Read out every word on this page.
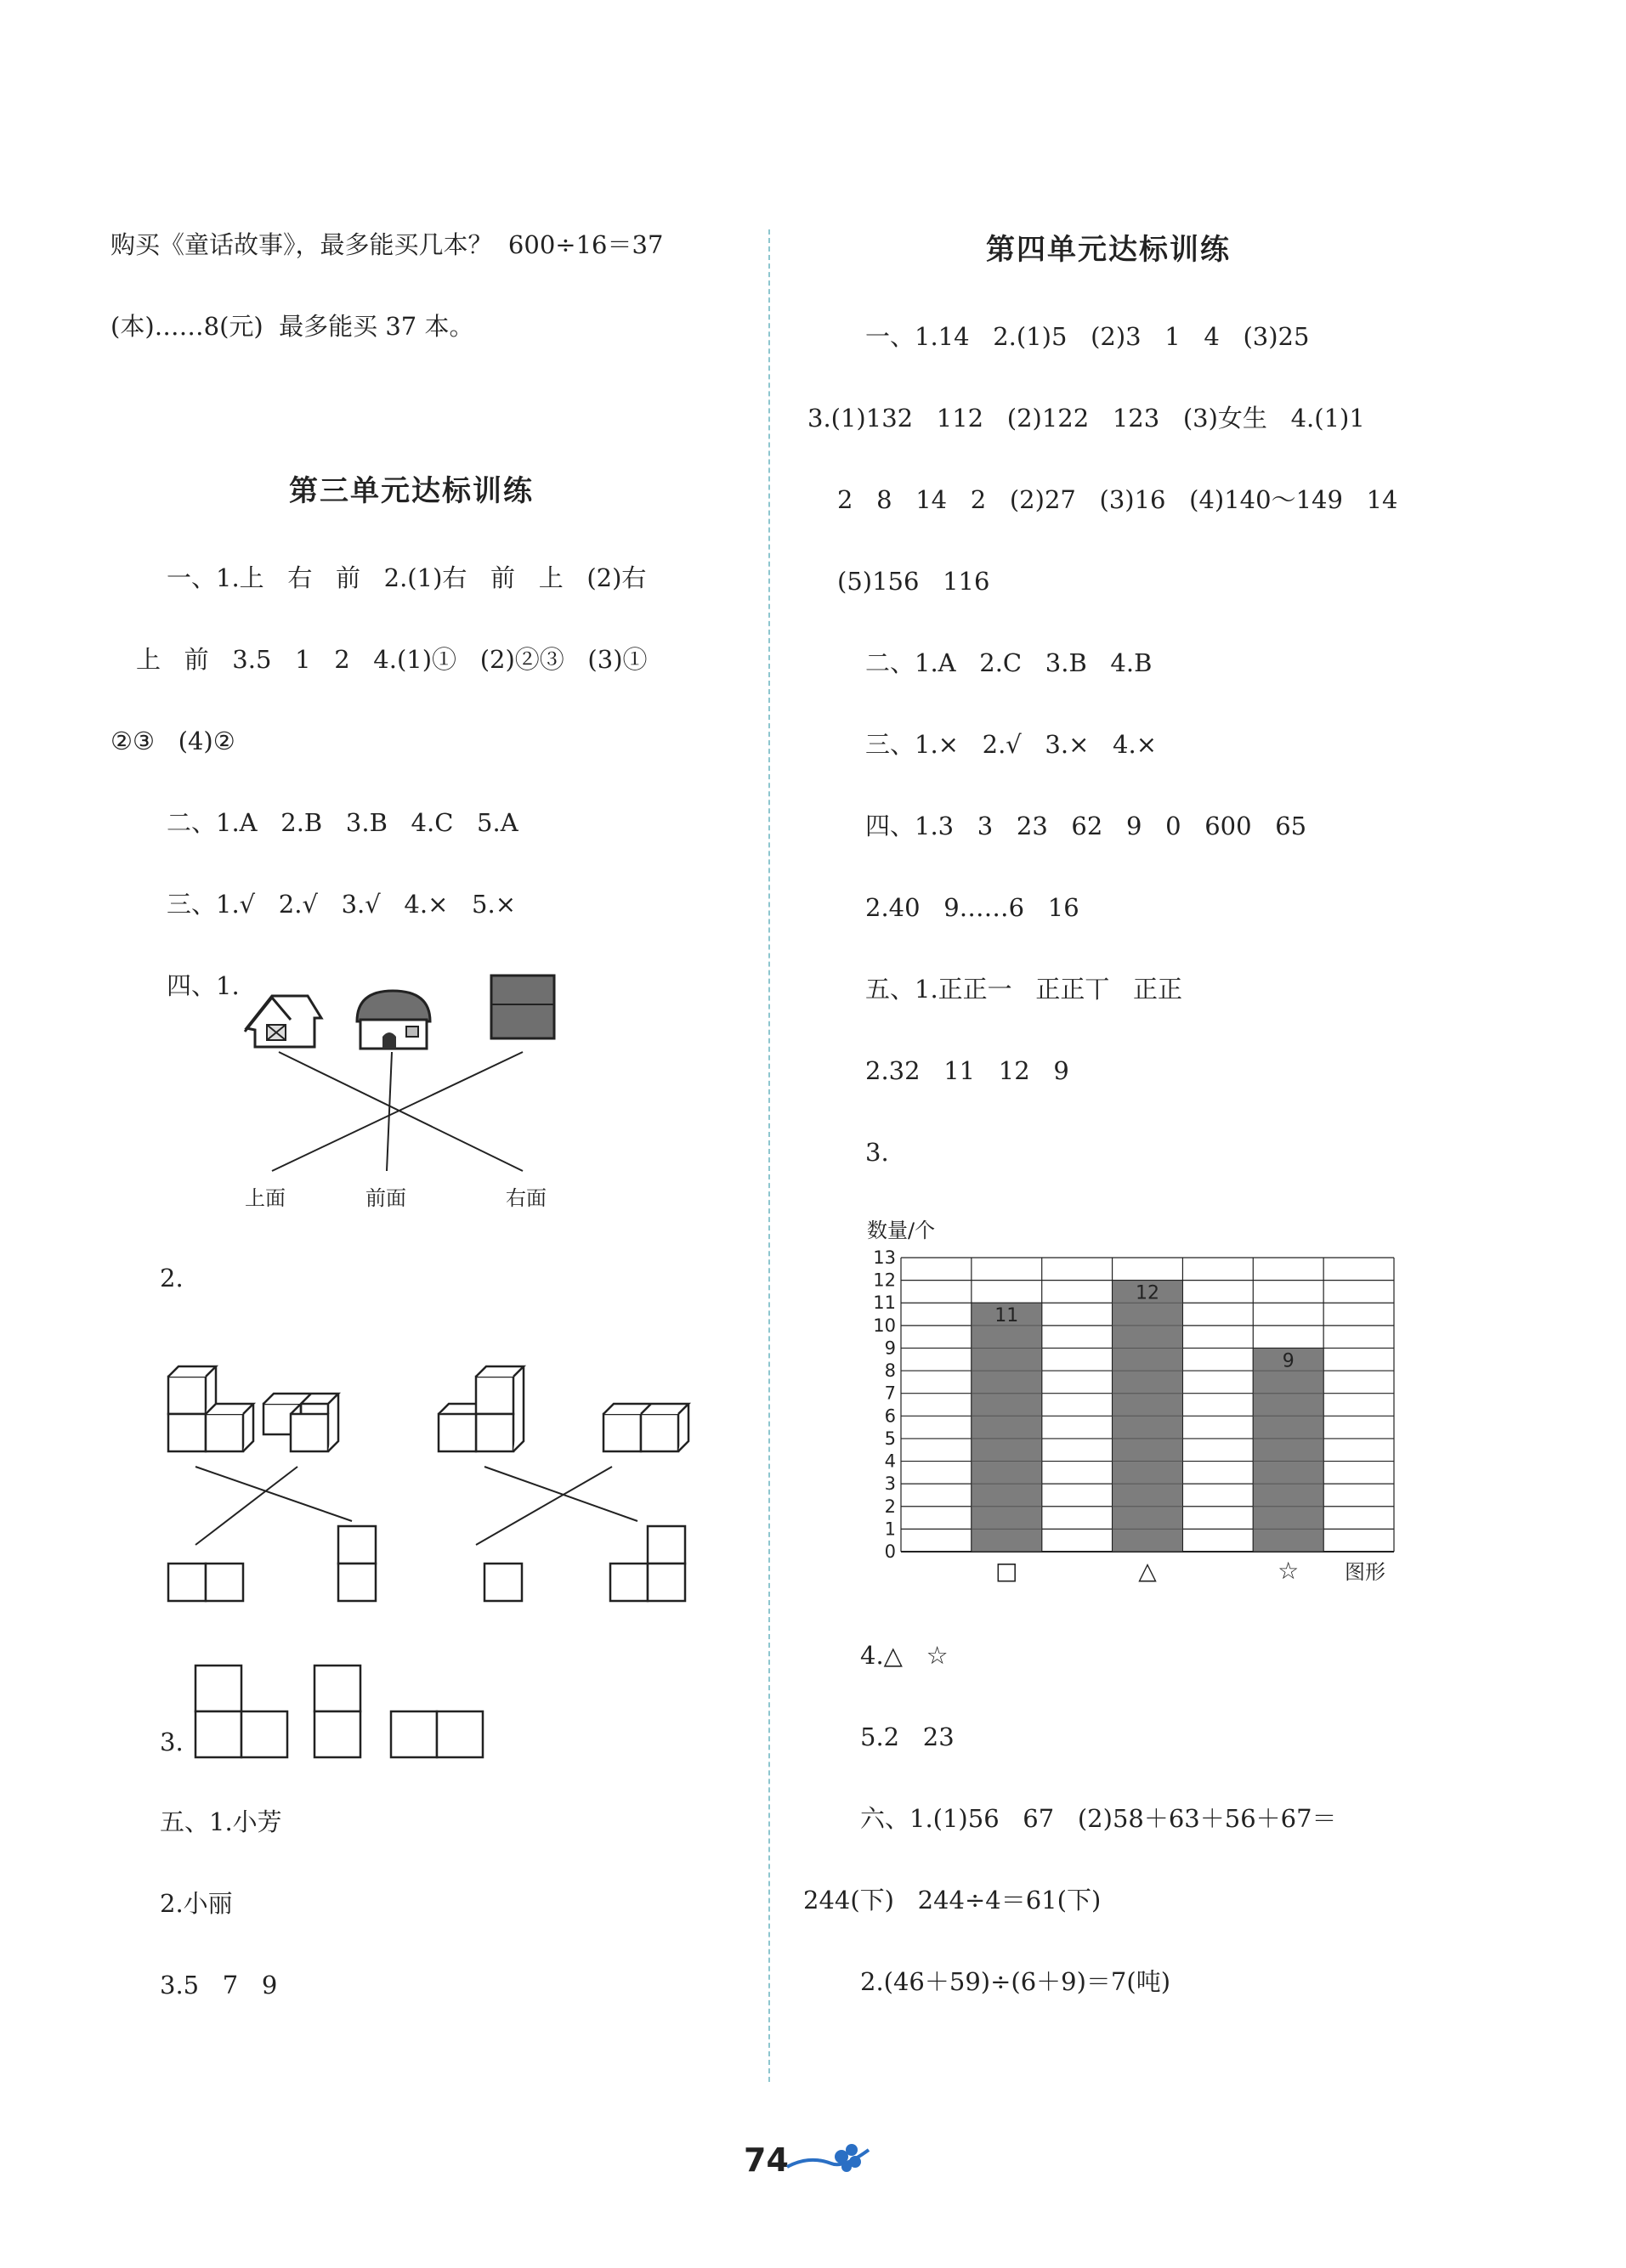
购买《童话故事》，最多能买几本？  600÷16＝37
(本)……8(元)  最多能买 37 本。
第三单元达标训练
一、1.上   右   前   2.(1)右   前   上   (2)右
上   前   3.5   1   2   4.(1)①   (2)②③   (3)①
②③   (4)②
二、1.A   2.B   3.B   4.C   5.A
三、1.√   2.√   3.√   4.×   5.×
四、1.
上面	前面	右面
2.
3.
五、1.小芳
2.小丽
3.5   7   9
第四单元达标训练
一、1.14   2.(1)5   (2)3   1   4   (3)25
3.(1)132   112   (2)122   123   (3)女生   4.(1)1
2   8   14   2   (2)27   (3)16   (4)140～149   14
(5)156   116
二、1.A   2.C   3.B   4.B
三、1.×   2.√   3.×   4.×
四、1.3   3   23   62   9   0   600   65
2.40   9……6   16
五、1.正正一   正正丅   正正
2.32   11   12   9
3.
数量/个
0
1
2
3
4
5
6
7
8
9
10
11
12
13
11
12
9
□	△	☆ 图形
4.△   ☆
5.2   23
六、1.(1)56   67   (2)58＋63＋56＋67＝
244(下)   244÷4＝61(下)
2.(46＋59)÷(6＋9)＝7(吨)
74
